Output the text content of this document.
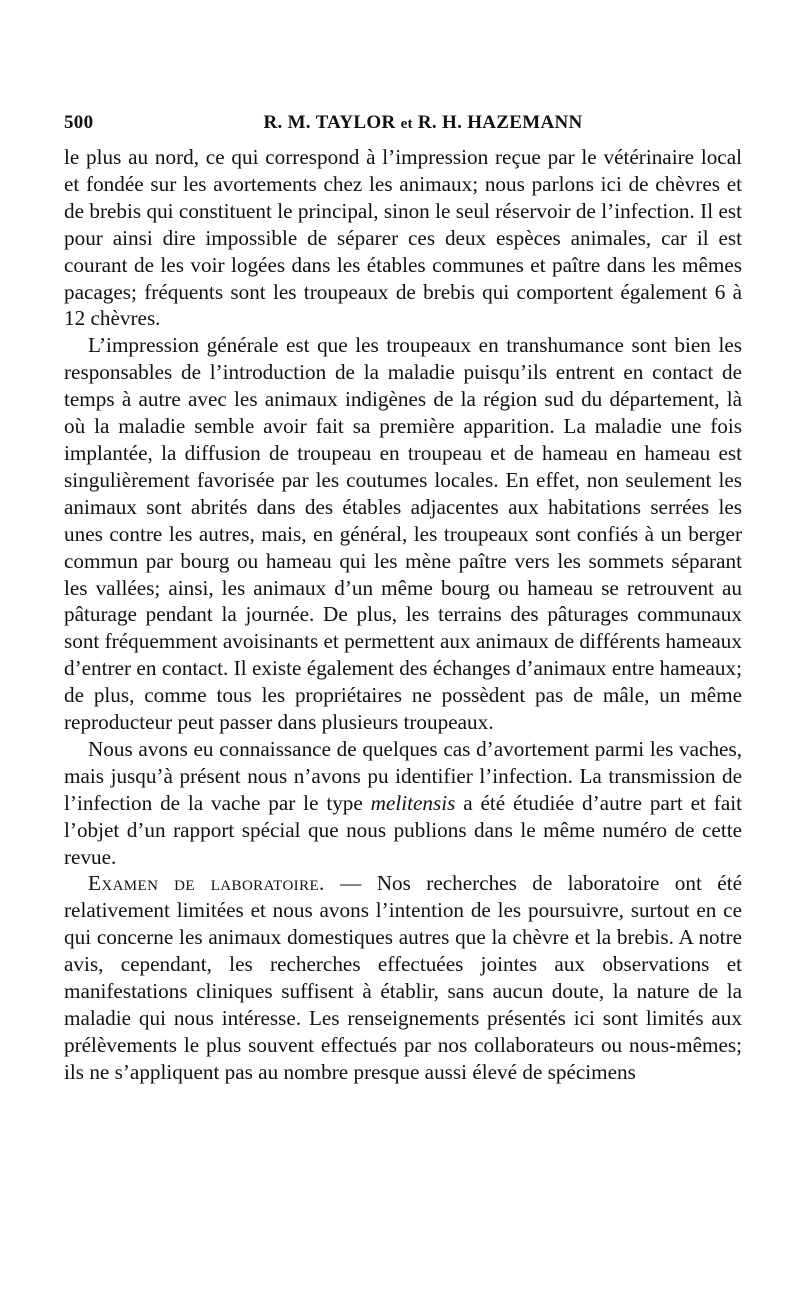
500	R. M. TAYLOR et R. H. HAZEMANN

le plus au nord, ce qui correspond à l’impression reçue par le vétérinaire local et fondée sur les avortements chez les animaux; nous parlons ici de chèvres et de brebis qui constituent le principal, sinon le seul réservoir de l’infection. Il est pour ainsi dire impossible de séparer ces deux espèces animales, car il est courant de les voir logées dans les étables communes et paître dans les mêmes pacages; fréquents sont les troupeaux de brebis qui comportent également 6 à 12 chèvres.

L’impression générale est que les troupeaux en transhumance sont bien les responsables de l’introduction de la maladie puisqu’ils entrent en contact de temps à autre avec les animaux indigènes de la région sud du département, là où la maladie semble avoir fait sa première apparition. La maladie une fois implantée, la diffusion de troupeau en troupeau et de hameau en hameau est singulièrement favorisée par les coutumes locales. En effet, non seulement les animaux sont abrités dans des étables adjacentes aux habitations serrées les unes contre les autres, mais, en général, les troupeaux sont confiés à un berger commun par bourg ou hameau qui les mène paître vers les sommets séparant les vallées; ainsi, les animaux d’un même bourg ou hameau se retrouvent au pâturage pendant la journée. De plus, les terrains des pâturages communaux sont fréquemment avoisinants et permettent aux animaux de différents hameaux d’entrer en contact. Il existe également des échanges d’animaux entre hameaux; de plus, comme tous les propriétaires ne possèdent pas de mâle, un même reproducteur peut passer dans plusieurs troupeaux.

Nous avons eu connaissance de quelques cas d’avortement parmi les vaches, mais jusqu’à présent nous n’avons pu identifier l’infection. La transmission de l’infection de la vache par le type melitensis a été étudiée d’autre part et fait l’objet d’un rapport spécial que nous publions dans le même numéro de cette revue.

Examen de laboratoire. — Nos recherches de laboratoire ont été relativement limitées et nous avons l’intention de les poursuivre, surtout en ce qui concerne les animaux domestiques autres que la chèvre et la brebis. A notre avis, cependant, les recherches effectuées jointes aux observations et manifestations cliniques suffisent à établir, sans aucun doute, la nature de la maladie qui nous intéresse. Les renseignements présentés ici sont limités aux prélèvements le plus souvent effectués par nos collaborateurs ou nous-mêmes; ils ne s’appliquent pas au nombre presque aussi élevé de spécimens
